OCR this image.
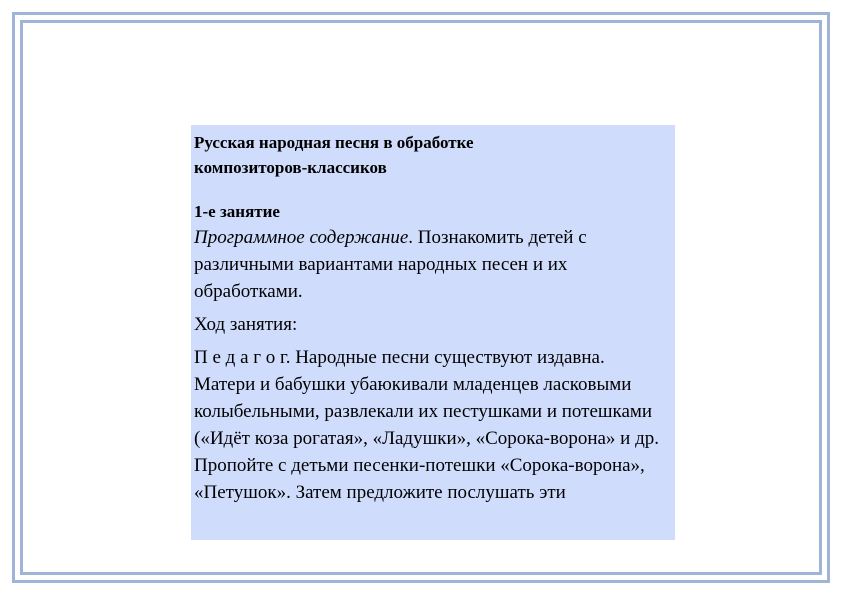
Русская народная песня в обработке
композиторов-классиков

1-е занятие

Программное содержание. Познакомить детей с различными вариантами народных песен и их обработками.

Ход занятия:

П е д а г о г. Народные песни существуют издавна. Матери и бабушки убаюкивали младенцев ласковыми колыбельными, развлекали их пестушками и потешками («Идёт коза рогатая», «Ладушки», «Сорока-ворона» и др. Пропойте с детьми песенки-потешки «Сорока-ворона», «Петушок». Затем предложите послушать эти
